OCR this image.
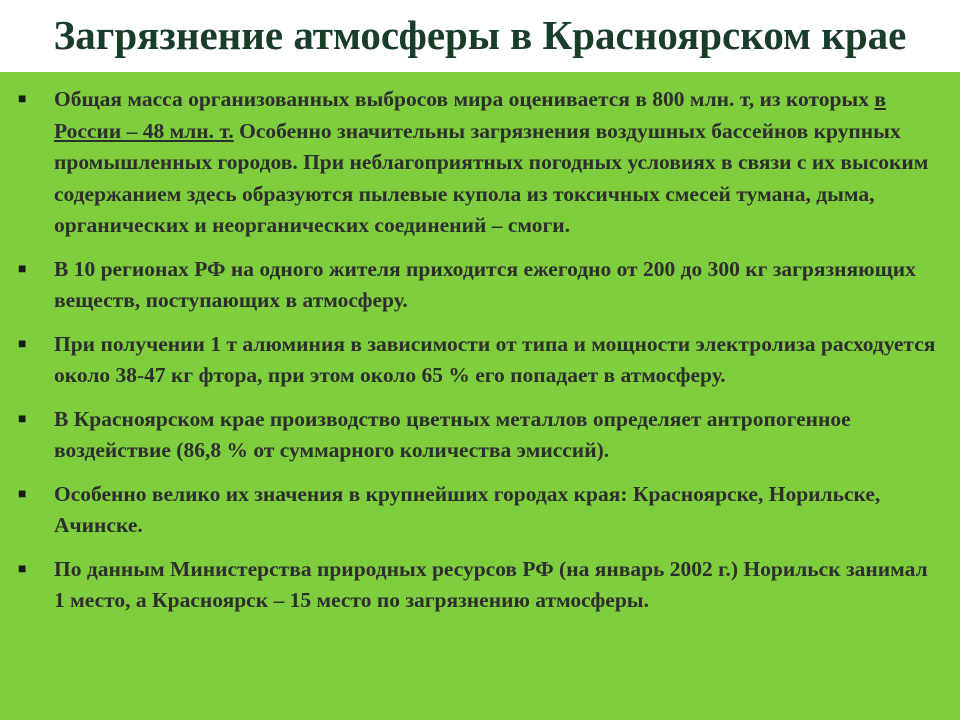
Загрязнение атмосферы в Красноярском крае
■ Общая масса организованных выбросов мира оценивается в 800 млн. т, из которых в России – 48 млн. т. Особенно значительны загрязнения воздушных бассейнов крупных промышленных городов. При неблагоприятных погодных условиях в связи с их высоким содержанием здесь образуются пылевые купола из токсичных смесей тумана, дыма, органических и неорганических соединений – смоги.
■ В 10 регионах РФ на одного жителя приходится ежегодно от 200 до 300 кг загрязняющих веществ, поступающих в атмосферу.
■ При получении 1 т алюминия в зависимости от типа и мощности электролиза расходуется около 38-47 кг фтора, при этом около 65 % его попадает в атмосферу.
■ В Красноярском крае производство цветных металлов определяет антропогенное воздействие (86,8 % от суммарного количества эмиссий).
■ Особенно велико их значения в крупнейших городах края: Красноярске, Норильске, Ачинске.
■ По данным Министерства природных ресурсов РФ (на январь 2002 г.) Норильск занимал 1 место, а Красноярск – 15 место по загрязнению атмосферы.
